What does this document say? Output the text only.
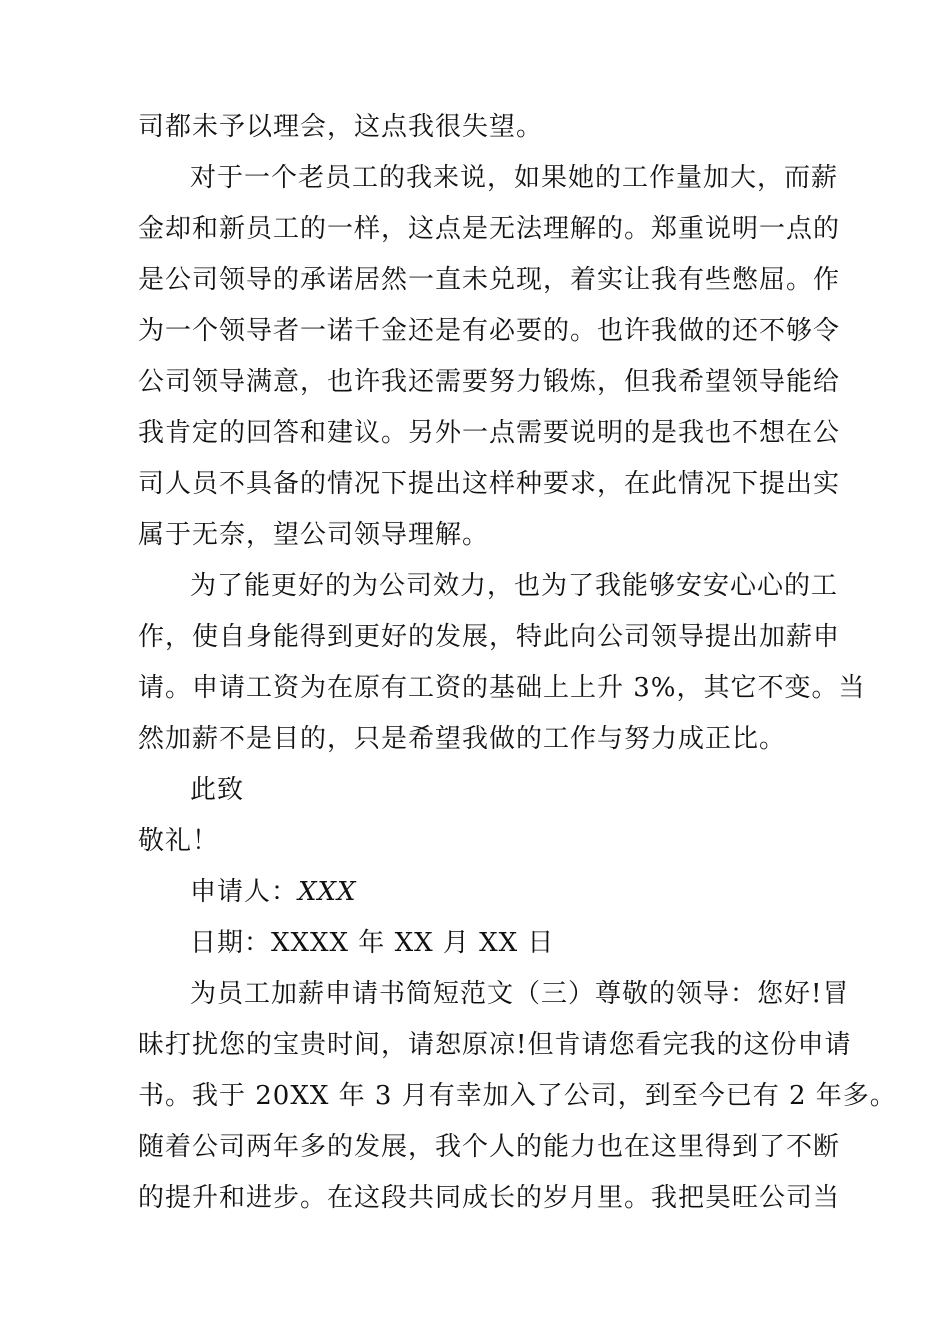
司都未予以理会，这点我很失望。
对于一个老员工的我来说，如果她的工作量加大，而薪
金却和新员工的一样，这点是无法理解的。郑重说明一点的
是公司领导的承诺居然一直未兑现，着实让我有些憋屈。作
为一个领导者一诺千金还是有必要的。也许我做的还不够令
公司领导满意，也许我还需要努力锻炼，但我希望领导能给
我肯定的回答和建议。另外一点需要说明的是我也不想在公
司人员不具备的情况下提出这样种要求，在此情况下提出实
属于无奈，望公司领导理解。
为了能更好的为公司效力，也为了我能够安安心心的工
作，使自身能得到更好的发展，特此向公司领导提出加薪申
请。申请工资为在原有工资的基础上上升 3%，其它不变。当
然加薪不是目的，只是希望我做的工作与努力成正比。
此致
敬礼！
申请人：XXX
日期：XXXX 年 XX 月 XX 日
为员工加薪申请书简短范文（三）尊敬的领导：您好!冒
昧打扰您的宝贵时间，请恕原凉!但肯请您看完我的这份申请
书。我于 20XX 年 3 月有幸加入了公司，到至今已有 2 年多。
随着公司两年多的发展，我个人的能力也在这里得到了不断
的提升和进步。在这段共同成长的岁月里。我把昊旺公司当
